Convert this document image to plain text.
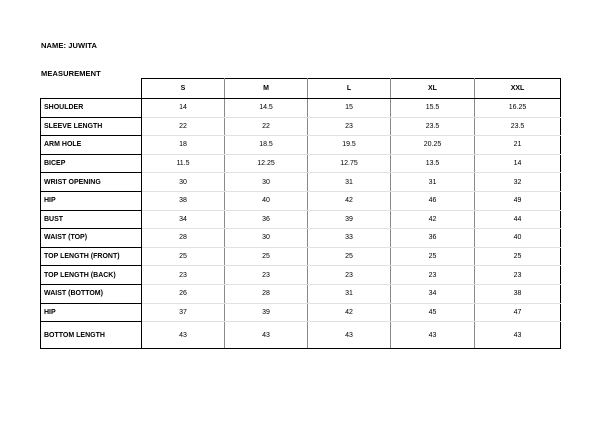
NAME: JUWITA
MEASUREMENT
	S	M	L	XL	XXL
SHOULDER	14	14.5	15	15.5	16.25
SLEEVE LENGTH	22	22	23	23.5	23.5
ARM HOLE	18	18.5	19.5	20.25	21
BICEP	11.5	12.25	12.75	13.5	14
WRIST OPENING	30	30	31	31	32
HIP	38	40	42	46	49
BUST	34	36	39	42	44
WAIST (TOP)	28	30	33	36	40
TOP LENGTH (FRONT)	25	25	25	25	25
TOP LENGTH (BACK)	23	23	23	23	23
WAIST (BOTTOM)	26	28	31	34	38
HIP	37	39	42	45	47
BOTTOM LENGTH	43	43	43	43	43
